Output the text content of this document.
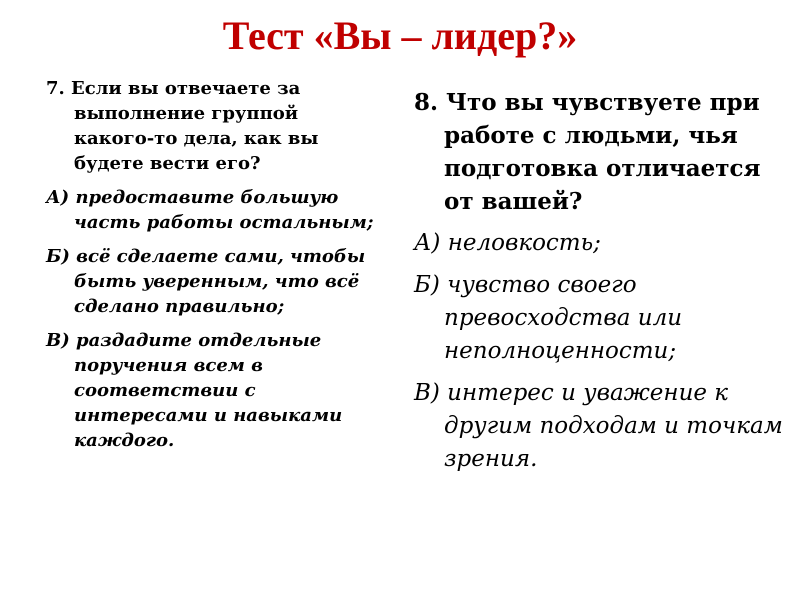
Тест «Вы – лидер?»

7. Если вы отвечаете за выполнение группой какого-то дела, как вы будете вести его?

А) предоставите большую часть работы остальным;

Б) всё сделаете сами, чтобы быть уверенным, что всё сделано правильно;

В) раздадите отдельные поручения всем в соответствии с интересами и навыками каждого.

8. Что вы чувствуете при работе с людьми, чья подготовка отличается от вашей?

А) неловкость;

Б) чувство своего превосходства или неполноценности;

В) интерес и уважение к другим подходам и точкам зрения.
